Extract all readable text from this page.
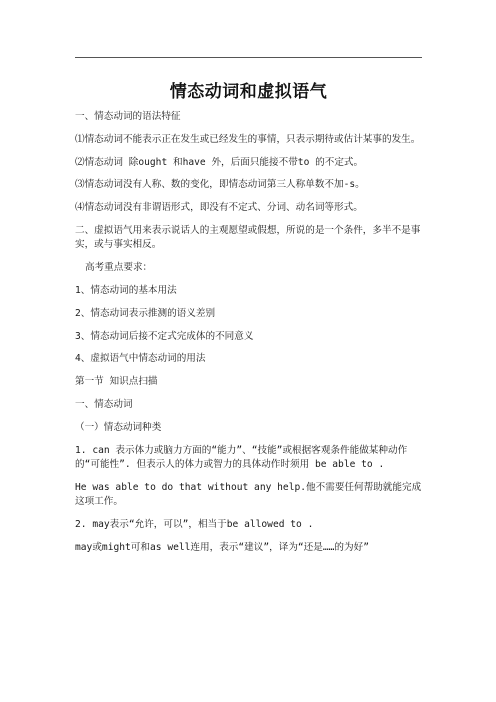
情态动词和虚拟语气

一、情态动词的语法特征

⑴情态动词不能表示正在发生或已经发生的事情，只表示期待或估计某事的发生。

⑵情态动词 除ought 和have 外，后面只能接不带to 的不定式。

⑶情态动词没有人称、数的变化，即情态动词第三人称单数不加-s。

⑷情态动词没有非谓语形式，即没有不定式、分词、动名词等形式。

二、虚拟语气用来表示说话人的主观愿望或假想，所说的是一个条件，多半不是事实，或与事实相反。

高考重点要求：

1、情态动词的基本用法

2、情态动词表示推测的语义差别

3、情态动词后接不定式完成体的不同意义

4、虚拟语气中情态动词的用法

第一节 知识点扫描

一、情态动词

（一）情态动词种类

1. can 表示体力或脑力方面的“能力”、“技能”或根据客观条件能做某种动作的“可能性”. 但表示人的体力或智力的具体动作时须用 be able to .

He was able to do that without any help.他不需要任何帮助就能完成这项工作。

2. may表示“允许，可以”，相当于be allowed to .

may或might可和as well连用，表示“建议”，译为“还是……的为好”
